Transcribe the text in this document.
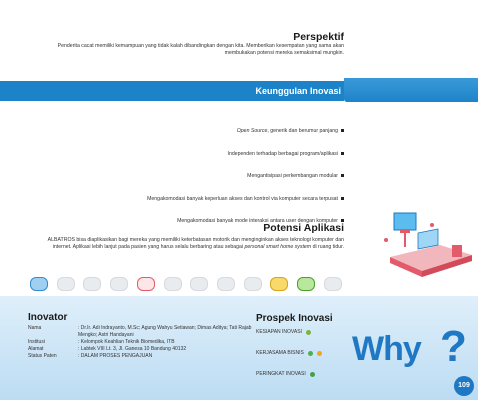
Perspektif
Penderita cacat memiliki kemampuan yang tidak kalah dibandingkan dengan kita. Memberikan kesempatan yang sama akan membukakan potensi mereka semaksimal mungkin.
Keunggulan Inovasi
Open Source, generik dan berumur panjang
Independen terhadap berbagai program/aplikasi
Mengantisipasi perkembangan modular
Mengakomodasi banyak keperluan akses dan kontrol via komputer secara terpusat
Mengakomodasi banyak mode interaksi antara user dengan komputer
Potensi Aplikasi
ALBATROS bisa diaplikasikan bagi mereka yang memiliki keterbatasan motorik dan menginginkan akses teknologi komputer dan internet. Aplikasi lebih lanjut pada pasien yang harus selalu berbaring atau sebagai personal smart home system di ruang tidur.
Inovator
Nama	: Dr.Ir. Adi Indrayanto, M.Sc; Agung Wahyu Setiawan; Dimas Aditya; Tati Rajab Mengko; Astri Handayani
Institusi	: Kelompok Keahlian Teknik Biomedika, ITB
Alamat	: Labtek VIII Lt. 3, Jl. Ganesa 10 Bandung 40132
Status Paten	: DALAM PROSES PENGAJUAN
Prospek Inovasi
KESIAPAN INOVASI
KERJASAMA BISNIS
PERINGKAT INOVASI
Why ?
109
